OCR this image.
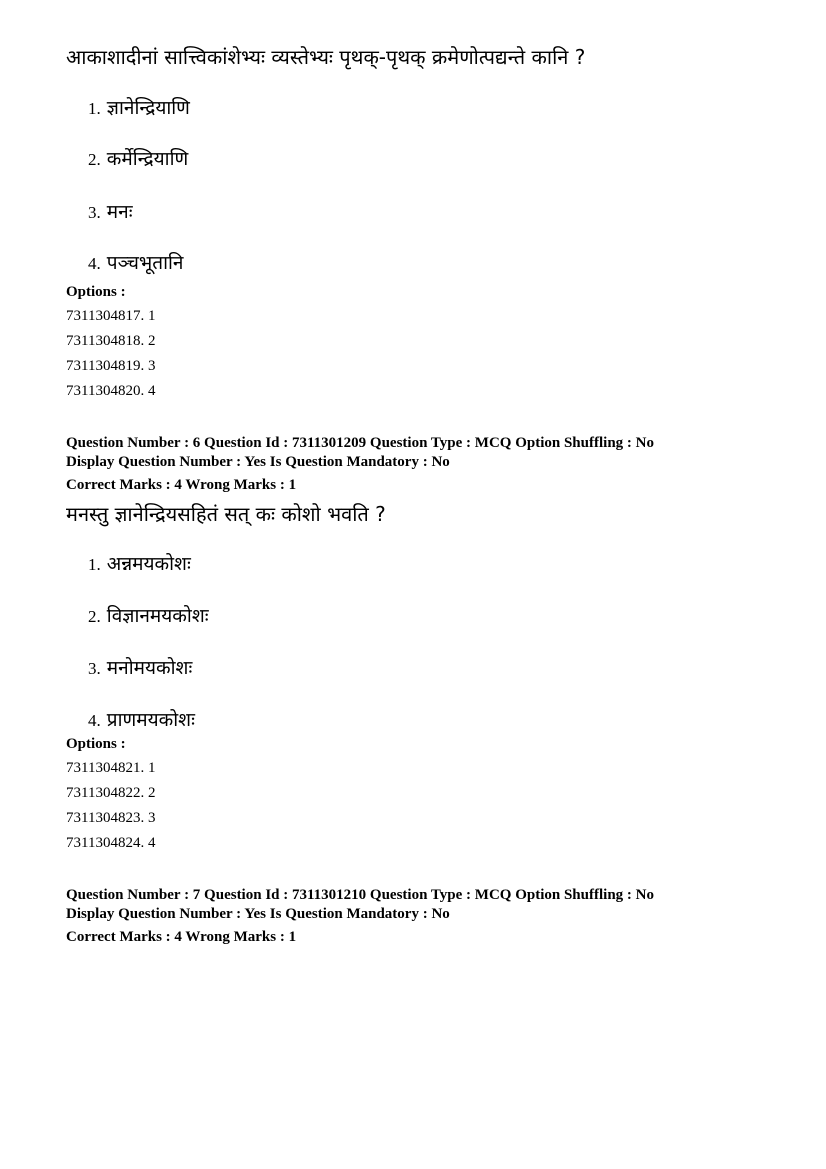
आकाशादीनां सात्त्विकांशेभ्यः व्यस्तेभ्यः पृथक्-पृथक् क्रमेणोत्पद्यन्ते कानि ?
1. ज्ञानेन्द्रियाणि
2. कर्मेन्द्रियाणि
3. मनः
4. पञ्चभूतानि
Options :
7311304817. 1
7311304818. 2
7311304819. 3
7311304820. 4
Question Number : 6 Question Id : 7311301209 Question Type : MCQ Option Shuffling : No
Display Question Number : Yes Is Question Mandatory : No
Correct Marks : 4 Wrong Marks : 1
मनस्तु ज्ञानेन्द्रियसहितं सत् कः कोशो भवति ?
1. अन्नमयकोशः
2. विज्ञानमयकोशः
3. मनोमयकोशः
4. प्राणमयकोशः
Options :
7311304821. 1
7311304822. 2
7311304823. 3
7311304824. 4
Question Number : 7 Question Id : 7311301210 Question Type : MCQ Option Shuffling : No
Display Question Number : Yes Is Question Mandatory : No
Correct Marks : 4 Wrong Marks : 1
